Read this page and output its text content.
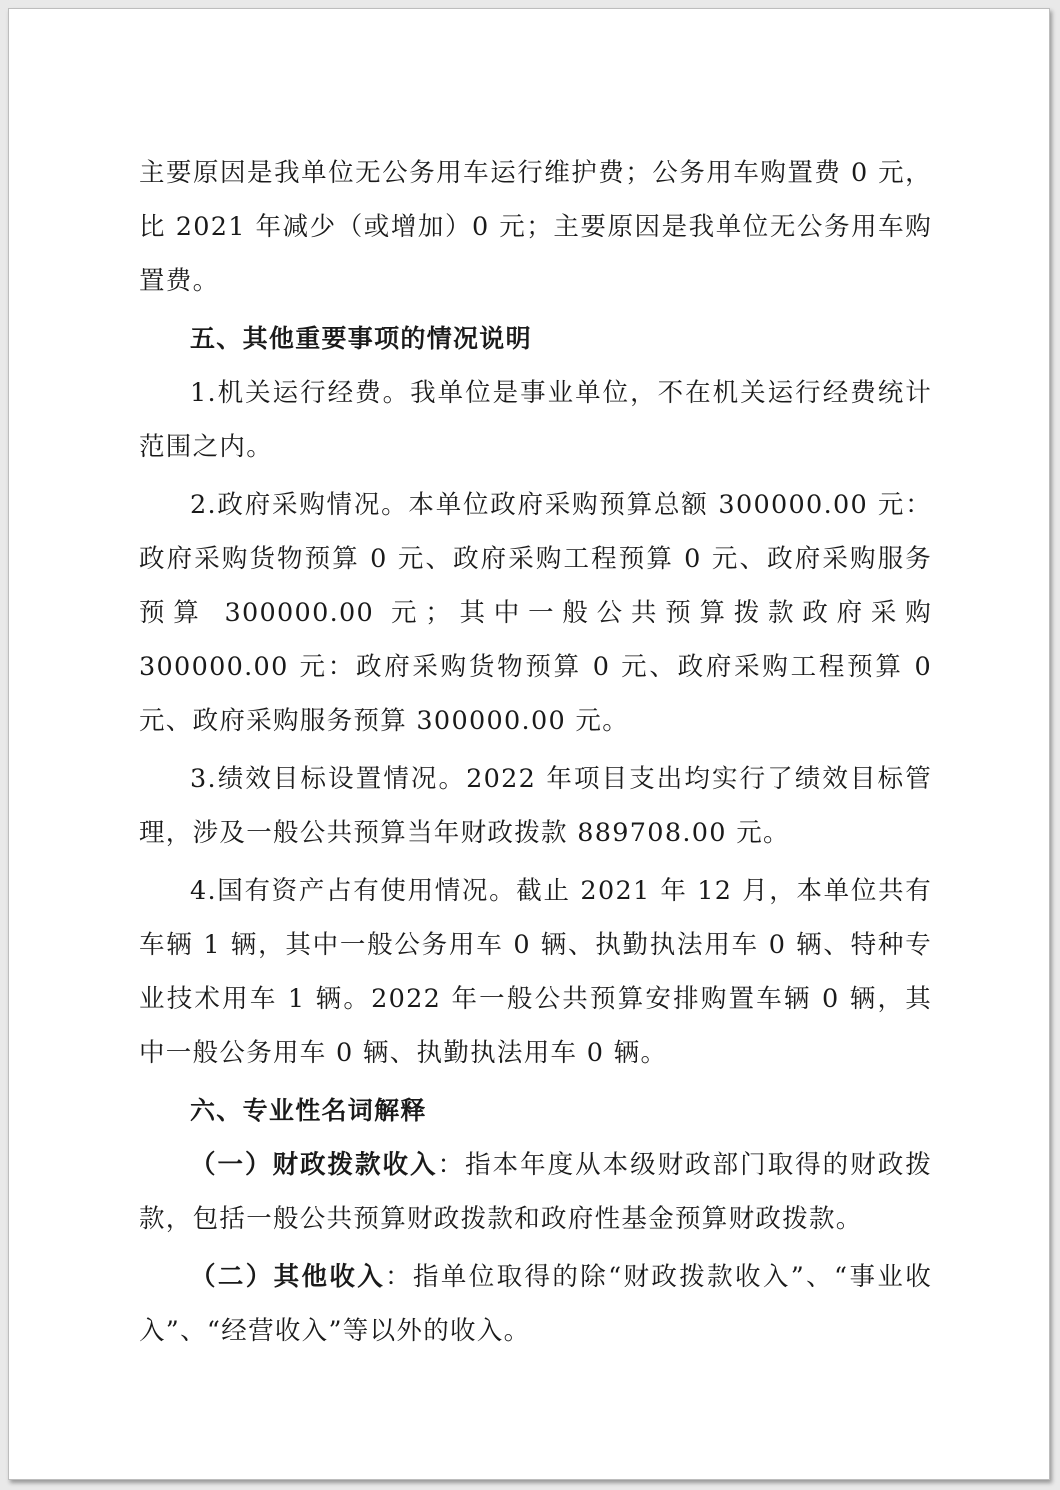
主要原因是我单位无公务用车运行维护费；公务用车购置费 0 元，比 2021 年减少（或增加）0 元；主要原因是我单位无公务用车购置费。

五、其他重要事项的情况说明

1.机关运行经费。我单位是事业单位，不在机关运行经费统计范围之内。

2.政府采购情况。本单位政府采购预算总额 300000.00 元：政府采购货物预算 0 元、政府采购工程预算 0 元、政府采购服务预算 300000.00 元；其中一般公共预算拨款政府采购 300000.00 元：政府采购货物预算 0 元、政府采购工程预算 0 元、政府采购服务预算 300000.00 元。

3.绩效目标设置情况。2022 年项目支出均实行了绩效目标管理，涉及一般公共预算当年财政拨款 889708.00 元。

4.国有资产占有使用情况。截止 2021 年 12 月，本单位共有车辆 1 辆，其中一般公务用车 0 辆、执勤执法用车 0 辆、特种专业技术用车 1 辆。2022 年一般公共预算安排购置车辆 0 辆，其中一般公务用车 0 辆、执勤执法用车 0 辆。

六、专业性名词解释

（一）财政拨款收入：指本年度从本级财政部门取得的财政拨款，包括一般公共预算财政拨款和政府性基金预算财政拨款。

（二）其他收入：指单位取得的除“财政拨款收入”、“事业收入”、“经营收入”等以外的收入。
